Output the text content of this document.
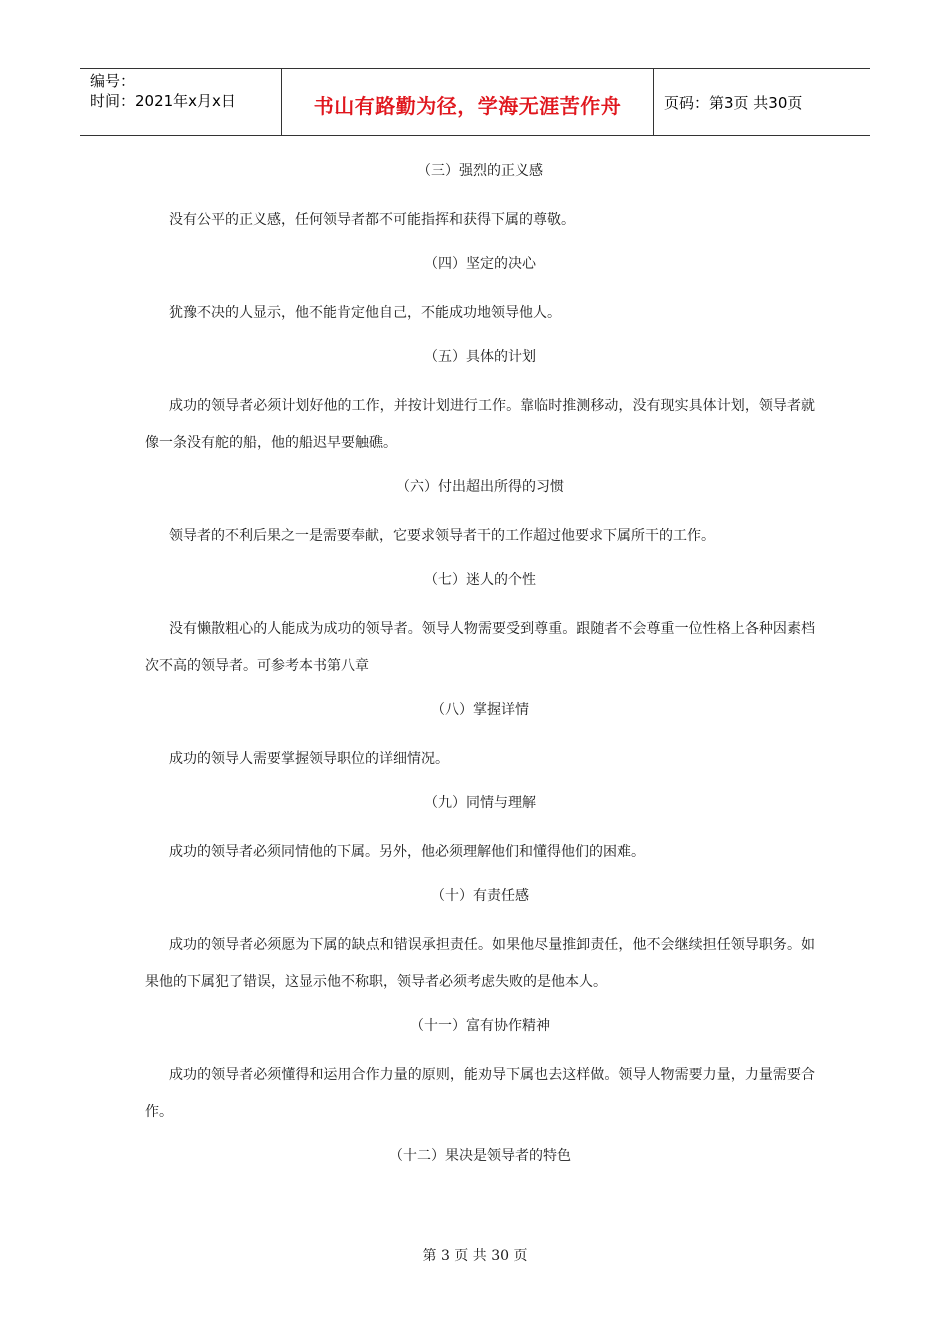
编号：
时间：2021年x月x日	书山有路勤为径，学海无涯苦作舟	页码：第3页 共30页
（三）强烈的正义感

没有公平的正义感，任何领导者都不可能指挥和获得下属的尊敬。

（四）坚定的决心

犹豫不决的人显示，他不能肯定他自己，不能成功地领导他人。

（五）具体的计划

成功的领导者必须计划好他的工作，并按计划进行工作。靠临时推测移动，没有现实具体计划，领导者就像一条没有舵的船，他的船迟早要触礁。

（六）付出超出所得的习惯

领导者的不利后果之一是需要奉献，它要求领导者干的工作超过他要求下属所干的工作。

（七）迷人的个性

没有懒散粗心的人能成为成功的领导者。领导人物需要受到尊重。跟随者不会尊重一位性格上各种因素档次不高的领导者。可参考本书第八章

（八）掌握详情

成功的领导人需要掌握领导职位的详细情况。

（九）同情与理解

成功的领导者必须同情他的下属。另外，他必须理解他们和懂得他们的困难。

（十）有责任感

成功的领导者必须愿为下属的缺点和错误承担责任。如果他尽量推卸责任，他不会继续担任领导职务。如果他的下属犯了错误，这显示他不称职，领导者必须考虑失败的是他本人。

（十一）富有协作精神

成功的领导者必须懂得和运用合作力量的原则，能劝导下属也去这样做。领导人物需要力量，力量需要合作。

（十二）果决是领导者的特色
第 3 页 共 30 页
